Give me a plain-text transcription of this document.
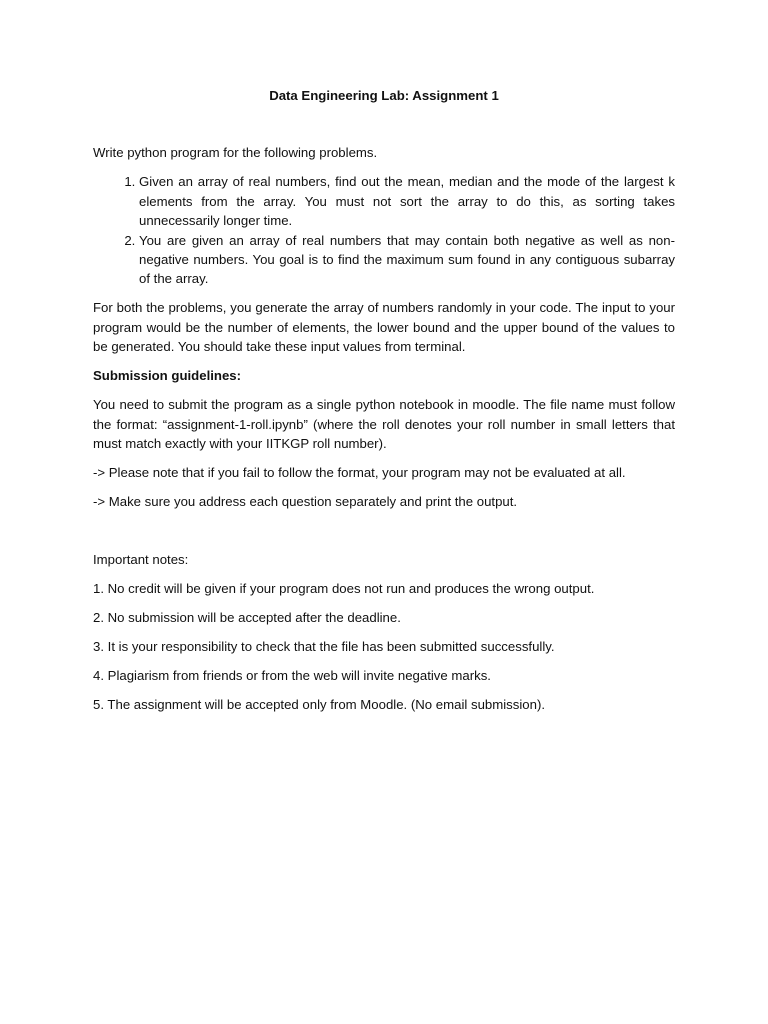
Data Engineering Lab: Assignment 1

Write python program for the following problems.

1. Given an array of real numbers, find out the mean, median and the mode of the largest k elements from the array. You must not sort the array to do this, as sorting takes unnecessarily longer time.
2. You are given an array of real numbers that may contain both negative as well as non-negative numbers. You goal is to find the maximum sum found in any contiguous subarray of the array.

For both the problems, you generate the array of numbers randomly in your code. The input to your program would be the number of elements, the lower bound and the upper bound of the values to be generated. You should take these input values from terminal.

Submission guidelines:

You need to submit the program as a single python notebook in moodle. The file name must follow the format: “assignment-1-roll.ipynb” (where the roll denotes your roll number in small letters that must match exactly with your IITKGP roll number).

-> Please note that if you fail to follow the format, your program may not be evaluated at all.

-> Make sure you address each question separately and print the output.

Important notes:

1. No credit will be given if your program does not run and produces the wrong output.

2. No submission will be accepted after the deadline.

3. It is your responsibility to check that the file has been submitted successfully.

4. Plagiarism from friends or from the web will invite negative marks.

5. The assignment will be accepted only from Moodle. (No email submission).
